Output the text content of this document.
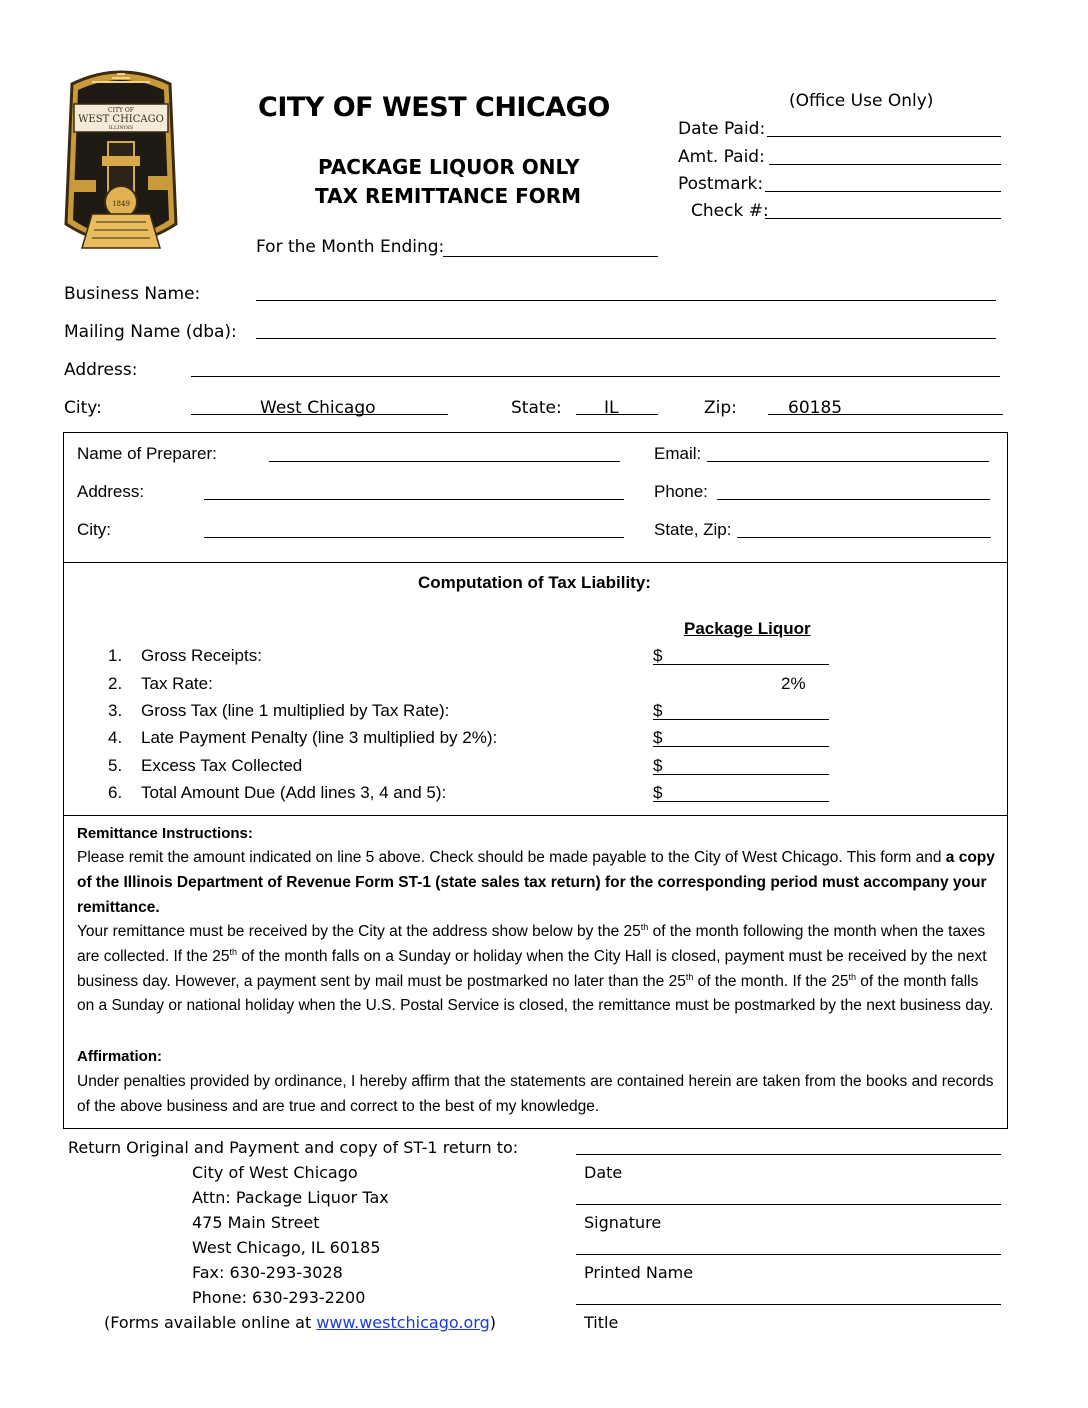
CITY OF
WEST CHICAGO
ILLINOIS
1849
CITY OF WEST CHICAGO
PACKAGE LIQUOR ONLY
TAX REMITTANCE FORM
For the Month Ending:
(Office Use Only)
Date Paid:
Amt. Paid:
Postmark:
Check #:
Business Name:
Mailing Name (dba):
Address:
City:	West Chicago	State: IL	Zip:	60185
Name of Preparer:
Address:
City:
Email:
Phone:
State, Zip:
Computation of Tax Liability:
Package Liquor
1. Gross Receipts:	$
2. Tax Rate:	2%
3. Gross Tax (line 1 multiplied by Tax Rate):	$
4. Late Payment Penalty (line 3 multiplied by 2%):	$
5. Excess Tax Collected	$
6. Total Amount Due (Add lines 3, 4 and 5):	$
Remittance Instructions:
Please remit the amount indicated on line 5 above. Check should be made payable to the City of West Chicago. This form and a copy of the Illinois Department of Revenue Form ST-1 (state sales tax return) for the corresponding period must accompany your remittance.
Your remittance must be received by the City at the address show below by the 25th of the month following the month when the taxes are collected. If the 25th of the month falls on a Sunday or holiday when the City Hall is closed, payment must be received by the next business day. However, a payment sent by mail must be postmarked no later than the 25th of the month. If the 25th of the month falls on a Sunday or national holiday when the U.S. Postal Service is closed, the remittance must be postmarked by the next business day.
Affirmation:
Under penalties provided by ordinance, I hereby affirm that the statements are contained herein are taken from the books and records of the above business and are true and correct to the best of my knowledge.
Return Original and Payment and copy of ST-1 return to:
City of West Chicago
Attn: Package Liquor Tax
475 Main Street
West Chicago, IL 60185
Fax: 630-293-3028
Phone: 630-293-2200
(Forms available online at www.westchicago.org)
Date
Signature
Printed Name
Title
